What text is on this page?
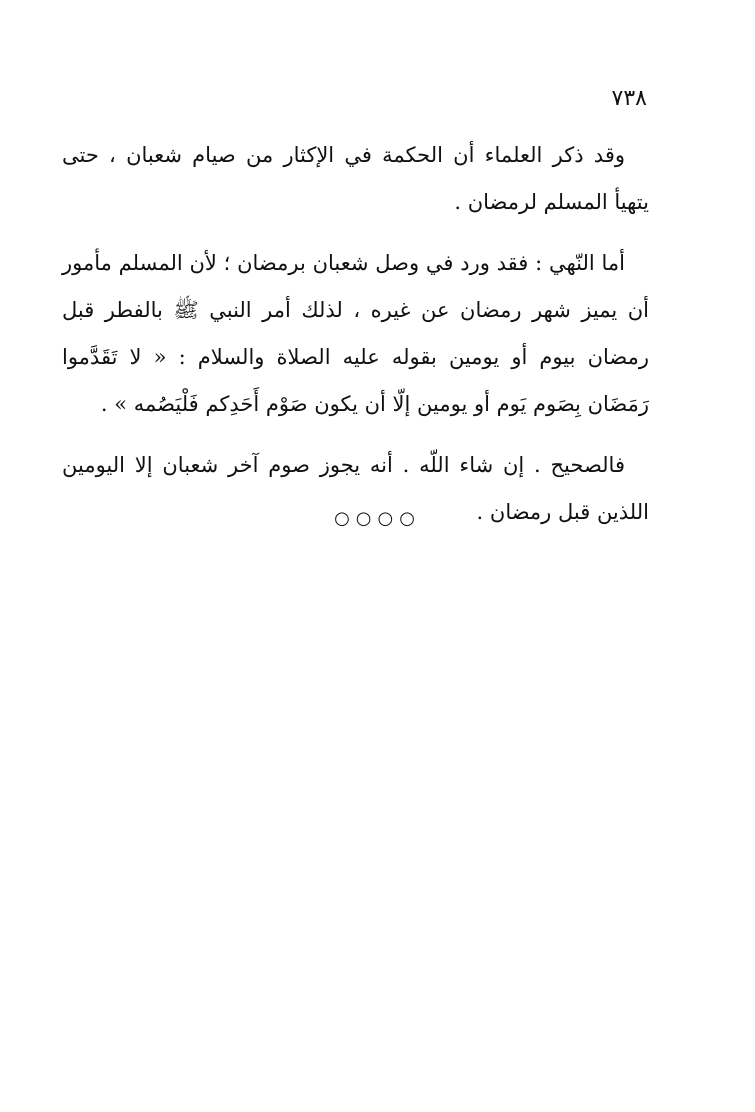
٧٣٨

وقد ذكر العلماء أن الحكمة في الإكثار من صيام شعبان ، حتى يتهيأ المسلم لرمضان .

أما النّهي : فقد ورد في وصل شعبان برمضان ؛ لأن المسلم مأمور أن يميز شهر رمضان عن غيره ، لذلك أمر النبي ﷺ بالفطر قبل رمضان بيوم أو يومين بقوله عليه الصلاة والسلام : « لا تَقَدَّموا رَمَضَان بِصَوم يَوم أو يومين إلّا أن يكون صَوْم أَحَدِكم فَلْيَصُمه » .

فالصحيح . إن شاء اللّه . أنه يجوز صوم آخر شعبان إلا اليومين اللذين قبل رمضان .

○○○○
